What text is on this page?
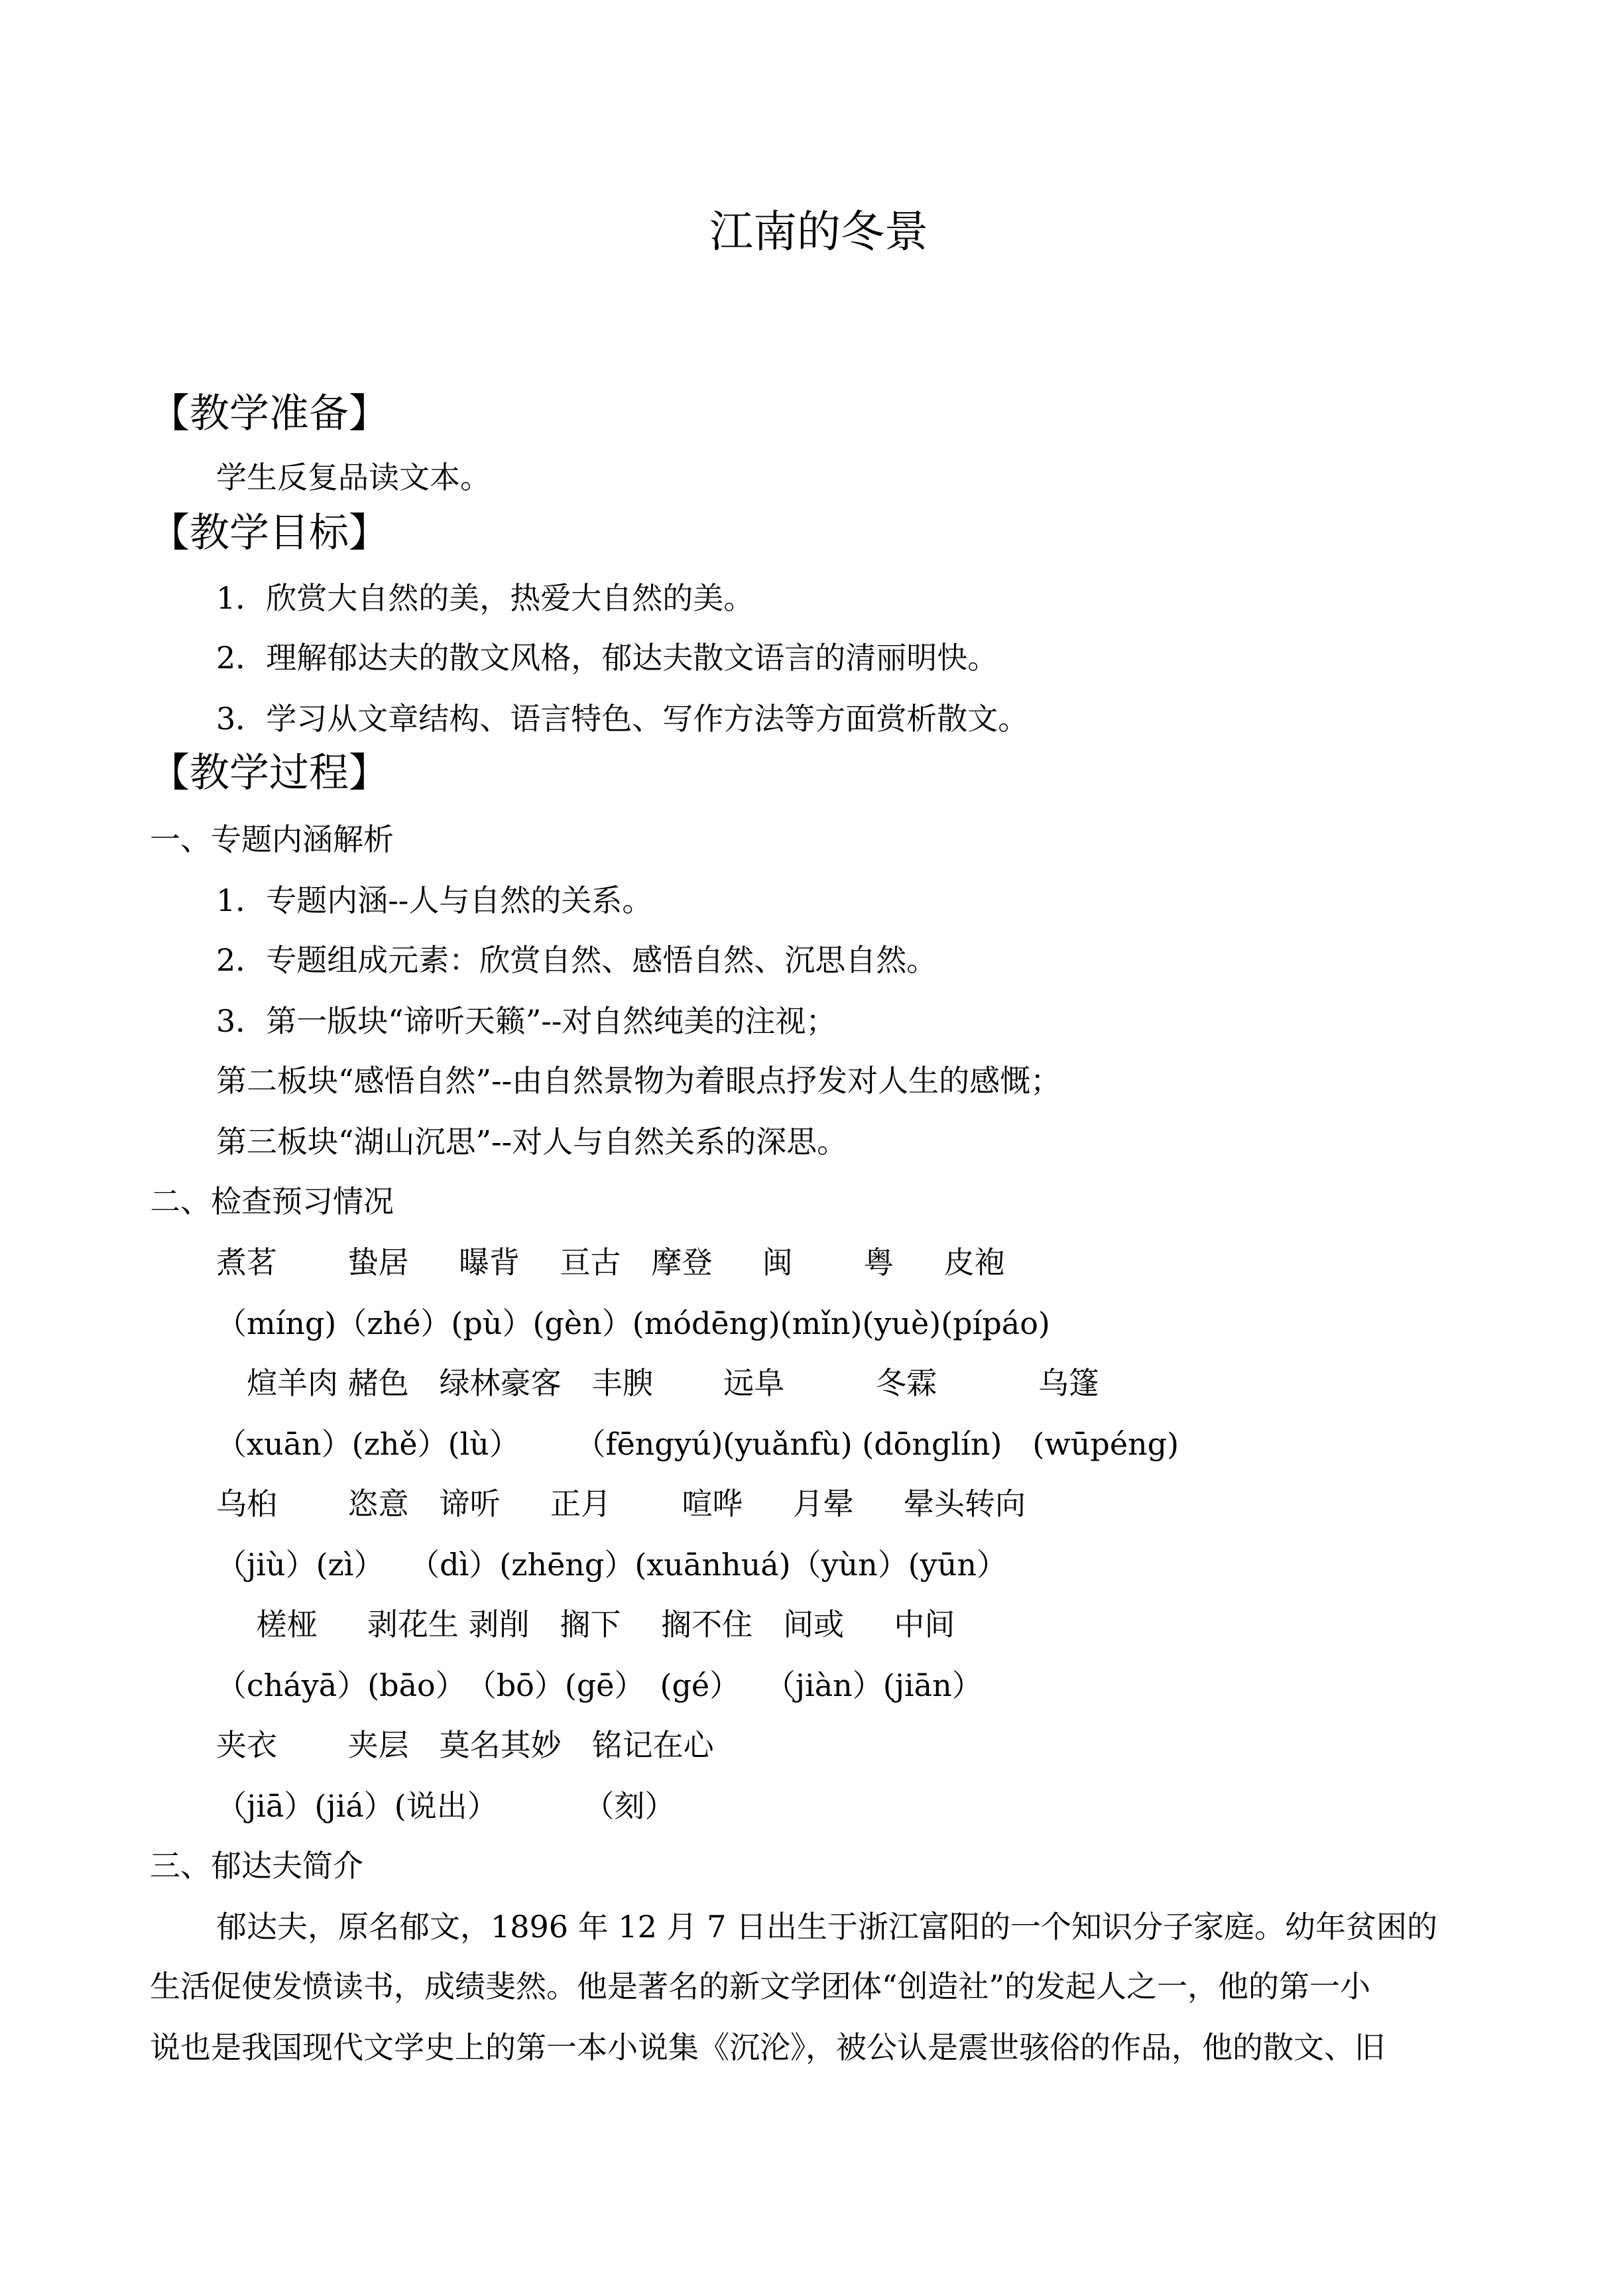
江南的冬景
【教学准备】
学生反复品读文本。
【教学目标】
1．欣赏大自然的美，热爱大自然的美。
2．理解郁达夫的散文风格，郁达夫散文语言的清丽明快。
3．学习从文章结构、语言特色、写作方法等方面赏析散文。
【教学过程】
一、专题内涵解析
1．专题内涵--人与自然的关系。
2．专题组成元素：欣赏自然、感悟自然、沉思自然。
3．第一版块“谛听天籁”--对自然纯美的注视；
第二板块“感悟自然”--由自然景物为着眼点抒发对人生的感慨；
第三板块“湖山沉思”--对人与自然关系的深思。
二、检查预习情况
煮茗　　 蛰居　  曝背　 亘古　摩登　  闽　　 粤　  皮袍
（míng)（zhé）(pù）(gèn）(módēng)(mǐn)(yuè)(pípáo)
　煊羊肉 赭色　绿林豪客　丰腴　　 远阜　　　冬霖　　　 乌篷
（xuān）(zhě）(lù）　　 （fēngyú)(yuǎnfù) (dōnglín)　(wūpéng)
乌桕　　 恣意　谛听　  正月　　 喧哗　  月晕　  晕头转向
（jiù）(zì）　 （dì）(zhēng）(xuānhuá)（yùn）(yūn）
　 槎桠　  剥花生 剥削　搁下　 搁不住　间或　  中间
（cháyā）(bāo）　（bō）(gē）　(gé）　 （jiàn）(jiān）
夹衣　　 夹层　莫名其妙　铭记在心
（jiā）(jiá）(说出）　　　 （刻）
三、郁达夫简介
郁达夫，原名郁文，1896 年 12 月 7 日出生于浙江富阳的一个知识分子家庭。幼年贫困的
生活促使发愤读书，成绩斐然。他是著名的新文学团体“创造社”的发起人之一，他的第一小
说也是我国现代文学史上的第一本小说集《沉沦》，被公认是震世骇俗的作品，他的散文、旧
